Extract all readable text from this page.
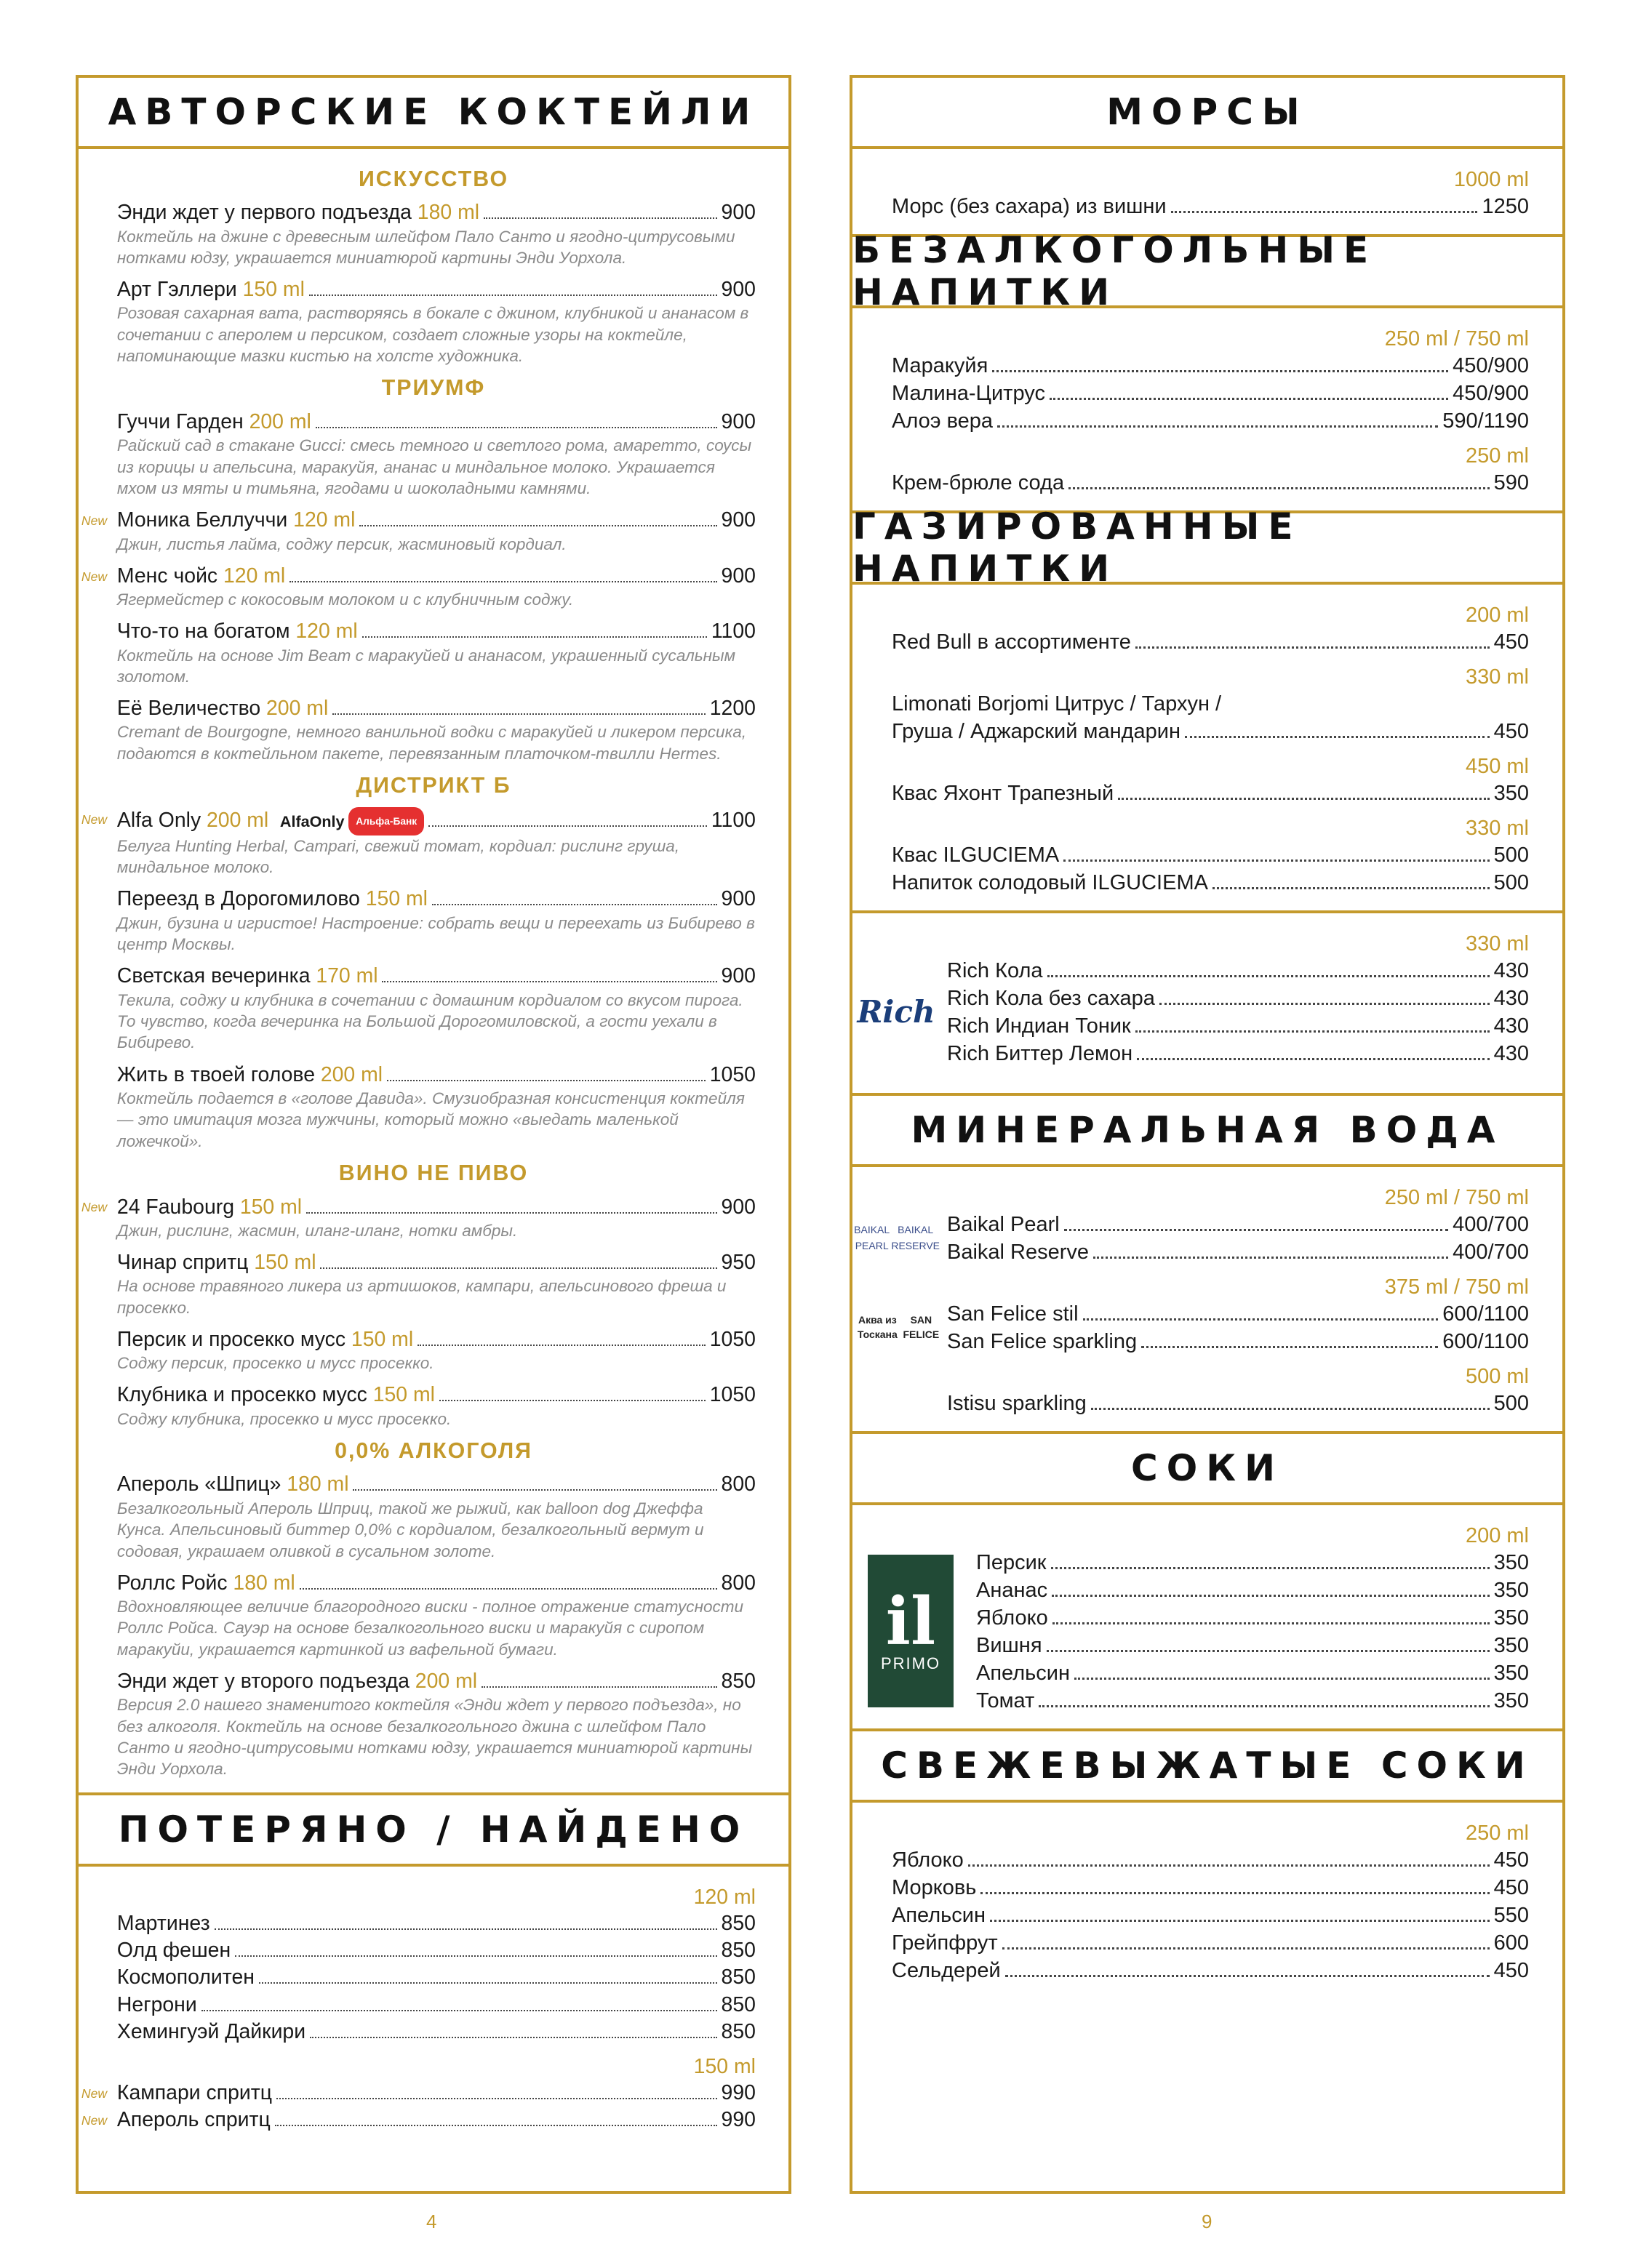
АВТОРСКИЕ КОКТЕЙЛИ
ИСКУССТВО
Энди ждет у первого подъезда 180 ml	900
Коктейль на джине с древесным шлейфом Пало Санто и ягодно-цитрусовыми нотками юдзу, украшается миниатюрой картины Энди Уорхола.
Арт Гэллери 150 ml	900
Розовая сахарная вата, растворяясь в бокале с джином, клубникой и ананасом в сочетании с аперолем и персиком, создает сложные узоры на коктейле, напоминающие мазки кистью на холсте художника.
ТРИУМФ
Гуччи Гарден 200 ml	900
Райский сад в стакане Gucci: смесь темного и светлого рома, амаретто, соусы из корицы и апельсина, маракуйя, ананас и миндальное молоко. Украшается мхом из мяты и тимьяна, ягодами и шоколадными камнями.
New Моника Беллуччи 120 ml	900
Джин, листья лайма, соджу персик, жасминовый кордиал.
New Менс чойс 120 ml	900
Ягермейстер с кокосовым молоком и с клубничным соджу.
Что-то на богатом 120 ml	1100
Коктейль на основе Jim Beam с маракуйей и ананасом, украшенный сусальным золотом.
Её Величество 200 ml	1200
Cremant de Bourgogne, немного ванильной водки с маракуйей и ликером персика, подаются в коктейльном пакете, перевязанным платочком-твилли Hermes.
ДИСТРИКТ Б
New Alfa Only 200 ml AlfaOnly	Альфа-Банк	1100
Белуга Hunting Herbal, Campari, свежий томат, кордиал: рислинг груша, миндальное молоко.
Переезд в Дорогомилово 150 ml	900
Джин, бузина и игристое! Настроение: собрать вещи и переехать из Бибирево в центр Москвы.
Светская вечеринка 170 ml	900
Текила, соджу и клубника в сочетании с домашним кордиалом со вкусом пирога. То чувство, когда вечеринка на Большой Дорогомиловской, а гости уехали в Бибирево.
Жить в твоей голове 200 ml	1050
Коктейль подается в «голове Давида». Смузиобразная консистенция коктейля — это имитация мозга мужчины, который можно «выедать маленькой ложечкой».
ВИНО НЕ ПИВО
New 24 Faubourg 150 ml	900
Джин, рислинг, жасмин, иланг-иланг, нотки амбры.
Чинар спритц 150 ml	950
На основе травяного ликера из артишоков, кампари, апельсинового фреша и просекко.
Персик и просекко мусс 150 ml	1050
Соджу персик, просекко и мусс просекко.
Клубника и просекко мусс 150 ml	1050
Соджу клубника, просекко и мусс просекко.
0,0% АЛКОГОЛЯ
Апероль «Шпиц» 180 ml	800
Безалкогольный Апероль Шприц, такой же рыжий, как balloon dog Джеффа Кунса. Апельсиновый биттер 0,0% с кордиалом, безалкогольный вермут и содовая, украшаем оливкой в сусальном золоте.
Роллс Ройс 180 ml	800
Вдохновляющее величие благородного виски - полное отражение статусности Роллс Ройса. Сауэр на основе безалкогольного виски и маракуйя с сиропом маракуйи, украшается картинкой из вафельной бумаги.
Энди ждет у второго подъезда 200 ml	850
Версия 2.0 нашего знаменитого коктейля «Энди ждет у первого подъезда», но без алкоголя. Коктейль на основе безалкогольного джина с шлейфом Пало Санто и ягодно-цитрусовыми нотками юдзу, украшается миниатюрой картины Энди Уорхола.
ПОТЕРЯНО / НАЙДЕНО
120 ml
Мартинез	850
Олд фешен	850
Космополитен	850
Негрони	850
Хемингуэй Дайкири	850
150 ml
New Кампари спритц	990
New Апероль спритц	990
МОРСЫ
1000 ml
Морс (без сахара) из вишни	1250
БЕЗАЛКОГОЛЬНЫЕ НАПИТКИ
250 ml / 750 ml
Маракуйя	450/900
Малина-Цитрус	450/900
Алоэ вера	590/1190
250 ml
Крем-брюле сода	590
ГАЗИРОВАННЫЕ НАПИТКИ
200 ml
Red Bull в ассортименте	450
330 ml
Limonati Borjomi Цитрус / Тархун /
Груша / Аджарский мандарин	450
450 ml
Квас Яхонт Трапезный	350
330 ml
Квас ILGUCIEMA	500
Напиток солодовый ILGUCIEMA	500
330 ml
Rich
Rich Кола	430
Rich Кола без сахара	430
Rich Индиан Тоник	430
Rich Биттер Лемон	430
МИНЕРАЛЬНАЯ ВОДА
250 ml / 750 ml
BAIKAL PEARL
BAIKAL RESERVE
Baikal Pearl	400/700
Baikal Reserve	400/700
375 ml / 750 ml
Аква из Тоскана
SAN FELICE
San Felice stil	600/1100
San Felice sparkling	600/1100
500 ml
Istisu sparkling	500
СОКИ
200 ml
il
PRIMO
Персик	350
Ананас	350
Яблоко	350
Вишня	350
Апельсин	350
Томат	350
СВЕЖЕВЫЖАТЫЕ СОКИ
250 ml
Яблоко	450
Морковь	450
Апельсин	550
Грейпфрут	600
Сельдерей	450
4	9
